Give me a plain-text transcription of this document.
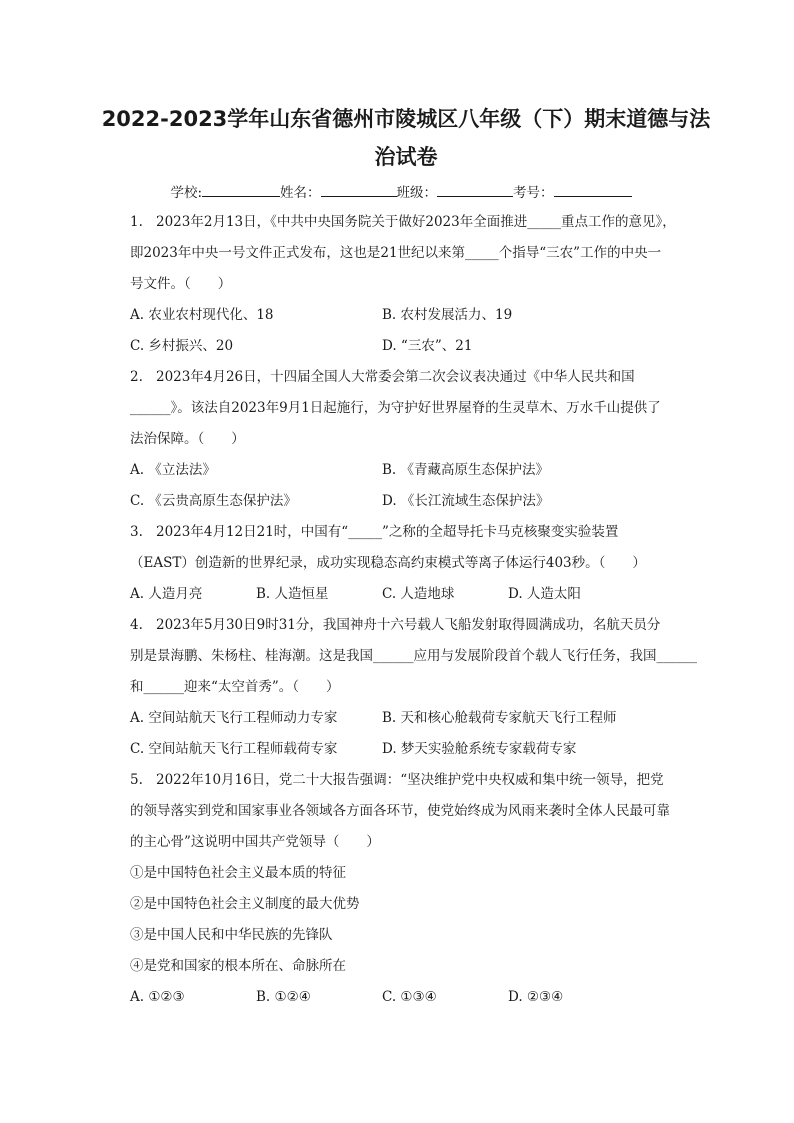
2022-2023学年山东省德州市陵城区八年级（下）期末道德与法
治试卷
学校:	姓名：	班级：	考号：
1. 2023年2月13日，《中共中央国务院关于做好2023年全面推进_____重点工作的意见》，
即2023年中央一号文件正式发布，这也是21世纪以来第_____个指导“三农”工作的中央一
号文件。（　　）
A. 农业农村现代化、18	B. 农村发展活力、19
C. 乡村振兴、20	D. “三农”、21
2. 2023年4月26日，十四届全国人大常委会第二次会议表决通过《中华人民共和国
______》。该法自2023年9月1日起施行，为守护好世界屋脊的生灵草木、万水千山提供了
法治保障。（　　）
A. 《立法法》	B. 《青藏高原生态保护法》
C. 《云贵高原生态保护法》	D. 《长江流域生态保护法》
3. 2023年4月12日21时，中国有“_____”之称的全超导托卡马克核聚变实验装置
（EAST）创造新的世界纪录，成功实现稳态高约束模式等离子体运行403秒。（　　）
A. 人造月亮	B. 人造恒星	C. 人造地球	D. 人造太阳
4. 2023年5月30日9时31分，我国神舟十六号载人飞船发射取得圆满成功，名航天员分
别是景海鹏、朱杨柱、桂海潮。这是我国______应用与发展阶段首个载人飞行任务，我国______
和______迎来“太空首秀”。（　　）
A. 空间站航天飞行工程师动力专家	B. 天和核心舱载荷专家航天飞行工程师
C. 空间站航天飞行工程师载荷专家	D. 梦天实验舱系统专家载荷专家
5. 2022年10月16日，党二十大报告强调：“坚决维护党中央权威和集中统一领导，把党
的领导落实到党和国家事业各领域各方面各环节，使党始终成为风雨来袭时全体人民最可靠
的主心骨”这说明中国共产党领导（　　）
①是中国特色社会主义最本质的特征
②是中国特色社会主义制度的最大优势
③是中国人民和中华民族的先锋队
④是党和国家的根本所在、命脉所在
A. ①②③	B. ①②④	C. ①③④	D. ②③④
